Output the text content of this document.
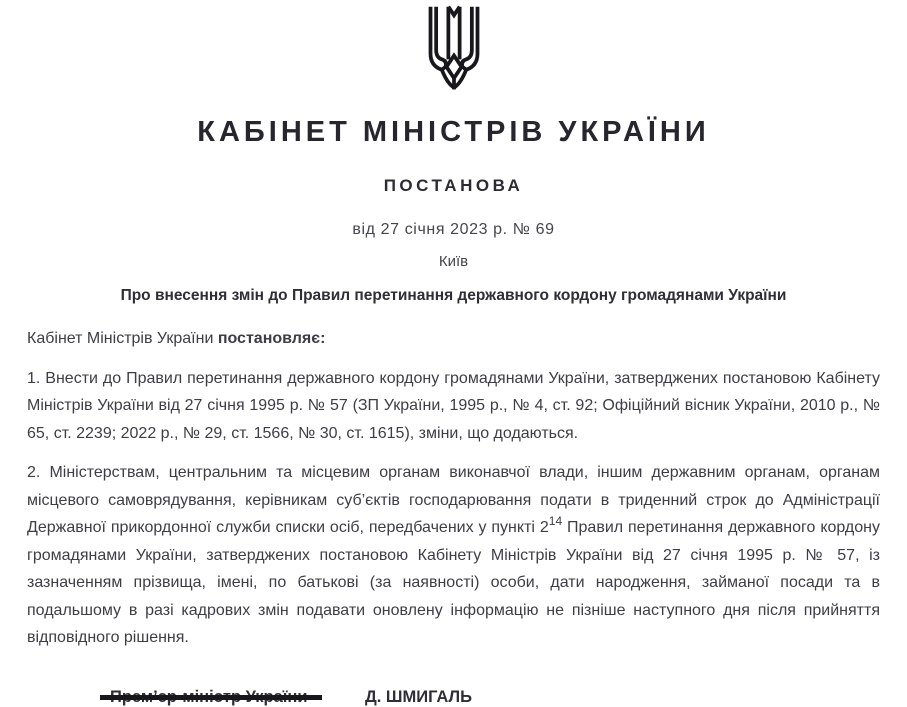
КАБІНЕТ МІНІСТРІВ УКРАЇНИ
ПОСТАНОВА
від 27 січня 2023 р. № 69
Київ
Про внесення змін до Правил перетинання державного кордону громадянами України

Кабінет Міністрів України постановляє:

1. Внести до Правил перетинання державного кордону громадянами України, затверджених постановою Кабінету Міністрів України від 27 січня 1995 р. № 57 (ЗП України, 1995 р., № 4, ст. 92; Офіційний вісник України, 2010 р., № 65, ст. 2239; 2022 р., № 29, ст. 1566, № 30, ст. 1615), зміни, що додаються.

2. Міністерствам, центральним та місцевим органам виконавчої влади, іншим державним органам, органам місцевого самоврядування, керівникам суб’єктів господарювання подати в триденний строк до Адміністрації Державної прикордонної служби списки осіб, передбачених у пункті $2^{14}$ Правил перетинання державного кордону громадянами України, затверджених постановою Кабінету Міністрів України від 27 січня 1995 р. № 57, із зазначенням прізвища, імені, по батькові (за наявності) особи, дати народження, займаної посади та в подальшому в разі кадрових змін подавати оновлену інформацію не пізніше наступного дня після прийняття відповідного рішення.

Д. ШМИГАЛЬ
